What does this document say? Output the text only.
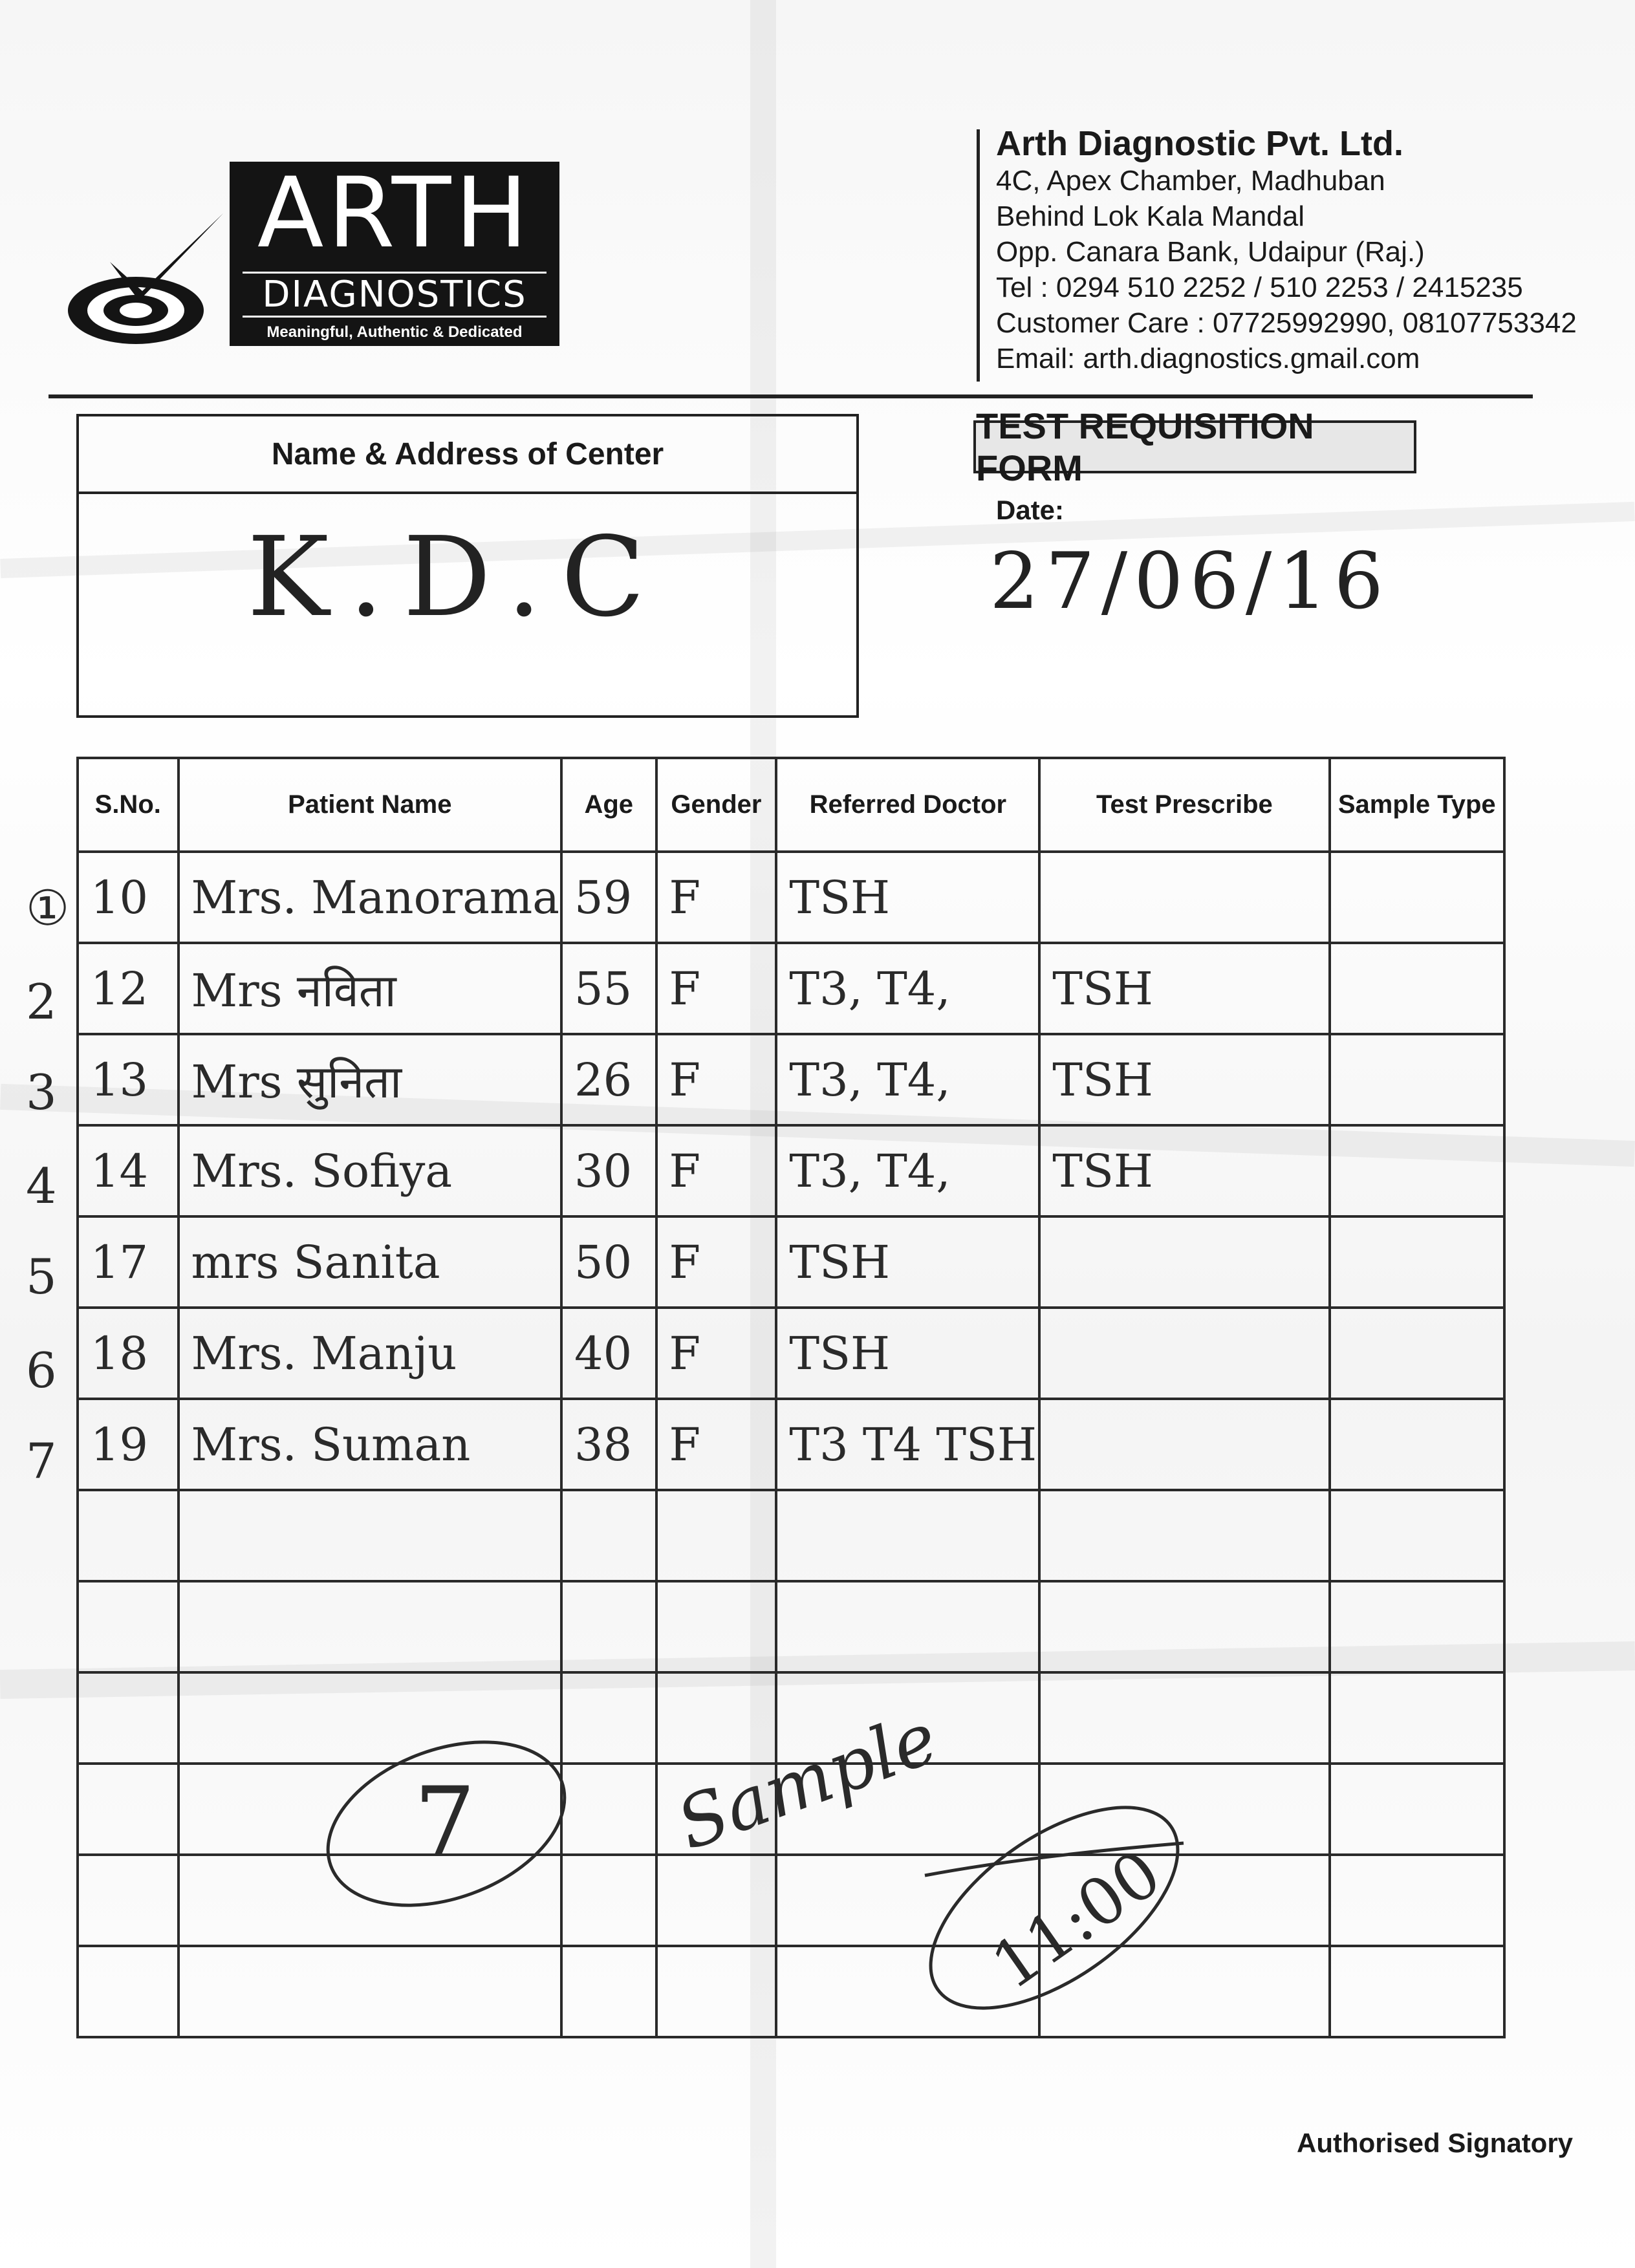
ARTH
DIAGNOSTICS
Meaningful, Authentic & Dedicated
Arth Diagnostic Pvt. Ltd.
4C, Apex Chamber, Madhuban
Behind Lok Kala Mandal
Opp. Canara Bank, Udaipur (Raj.)
Tel : 0294 510 2252 / 510 2253 / 2415235
Customer Care : 07725992990, 08107753342
Email: arth.diagnostics.gmail.com
Name & Address of Center
K.D.C
TEST REQUISITION FORM
Date:
27/06/16
S.No.	Patient Name	Age	Gender	Referred Doctor	Test Prescribe	Sample Type
10	Mrs. Manorama	59	F	TSH		
12	Mrs नविता	55	F	T3, T4,	TSH	
13	Mrs सुनिता	26	F	T3, T4,	TSH	
14	Mrs. Sofiya	30	F	T3, T4,	TSH	
17	mrs Sanita	50	F	TSH		
18	Mrs. Manju	40	F	TSH		
19	Mrs. Suman	38	F	T3 T4 TSH		

①
2
3
4
5
6
7
7	Sample
11:00
Authorised Signatory
